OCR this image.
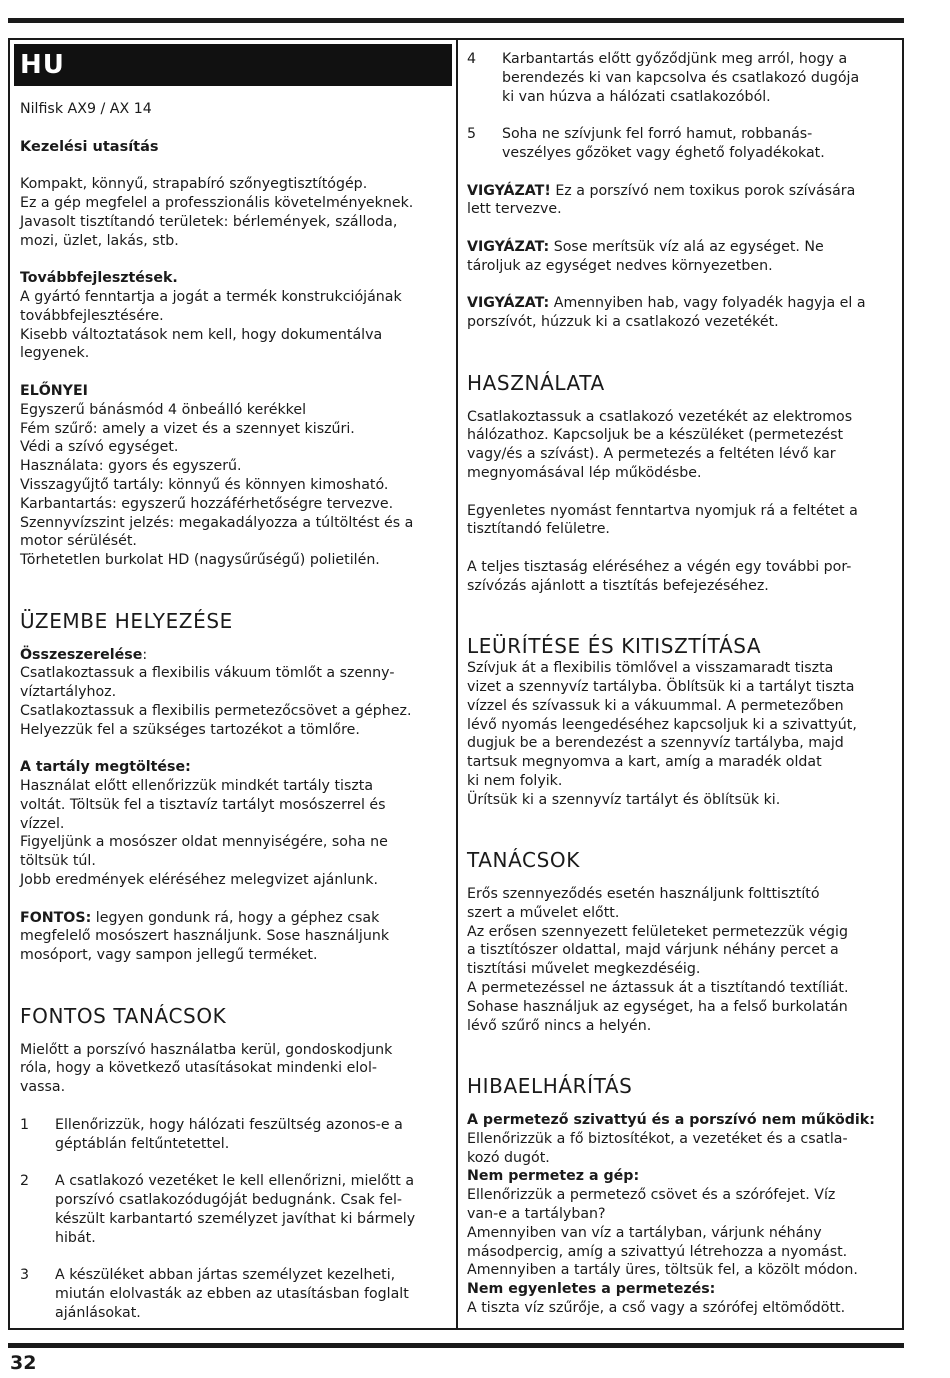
HU

Nilfisk AX9 / AX 14

Kezelési utasítás

Kompakt, könnyű, strapabíró szőnyegtisztítógép.

Ez a gép megfelel a professzionális követelményeknek.

Javasolt tisztítandó területek: bérlemények, szálloda,

mozi, üzlet, lakás, stb.

Továbbfejlesztések.

A gyártó fenntartja a jogát a termék konstrukciójának

továbbfejlesztésére.

Kisebb változtatások nem kell, hogy dokumentálva

legyenek.

ELŐNYEI

Egyszerű bánásmód 4 önbeálló kerékkel

Fém szűrő: amely a vizet és a szennyet kiszűri.

Védi a szívó egységet.

Használata: gyors és egyszerű.

Visszagyűjtő tartály: könnyű és könnyen kimosható.

Karbantartás: egyszerű hozzáférhetőségre tervezve.

Szennyvízszint jelzés: megakadályozza a túltöltést és a

motor sérülését.

Törhetetlen burkolat HD (nagysűrűségű) polietilén.

ÜZEMBE HELYEZÉSE

Összeszerelése:

Csatlakoztassuk a flexibilis vákuum tömlőt a szenny-

víztartályhoz.

Csatlakoztassuk a flexibilis permetezőcsövet a géphez.

Helyezzük fel a szükséges tartozékot a tömlőre.

A tartály megtöltése:

Használat előtt ellenőrizzük mindkét tartály tiszta

voltát. Töltsük fel a tisztavíz tartályt mosószerrel és

vízzel.

Figyeljünk a mosószer oldat mennyiségére, soha ne

töltsük túl.

Jobb eredmények eléréséhez melegvizet ajánlunk.

FONTOS: legyen gondunk rá, hogy a géphez csak

megfelelő mosószert használjunk. Sose használjunk

mosóport, vagy sampon jellegű terméket.

FONTOS TANÁCSOK

Mielőtt a porszívó használatba kerül, gondoskodjunk

róla, hogy a következő utasításokat mindenki elol-

vassa.

1	Ellenőrizzük, hogy hálózati feszültség azonos-e a

géptáblán feltűntetettel.

2	A csatlakozó vezetéket le kell ellenőrizni, mielőtt a

porszívó csatlakozódugóját bedugnánk. Csak fel-

készült karbantartó személyzet javíthat ki bármely

hibát.

3	A készüléket abban jártas személyzet kezelheti,

miután elolvasták az ebben az utasításban foglalt

ajánlásokat.

4	Karbantartás előtt győződjünk meg arról, hogy a

berendezés ki van kapcsolva és csatlakozó dugója

ki van húzva a hálózati csatlakozóból.

5	Soha ne szívjunk fel forró hamut, robbanás-

veszélyes gőzöket vagy éghető folyadékokat.

VIGYÁZAT! Ez a porszívó nem toxikus porok szívására

lett tervezve.

VIGYÁZAT: Sose merítsük víz alá az egységet. Ne

tároljuk az egységet nedves környezetben.

VIGYÁZAT: Amennyiben hab, vagy folyadék hagyja el a

porszívót, húzzuk ki a csatlakozó vezetékét.

HASZNÁLATA

Csatlakoztassuk a csatlakozó vezetékét az elektromos

hálózathoz. Kapcsoljuk be a készüléket (permetezést

vagy/és a szívást). A permetezés a feltéten lévő kar

megnyomásával lép működésbe.

Egyenletes nyomást fenntartva nyomjuk rá a feltétet a

tisztítandó felületre.

A teljes tisztaság eléréséhez a végén egy további por-

szívózás ajánlott a tisztítás befejezéséhez.

LEÜRÍTÉSE ÉS KITISZTÍTÁSA

Szívjuk át a flexibilis tömlővel a visszamaradt tiszta

vizet a szennyvíz tartályba. Öblítsük ki a tartályt tiszta

vízzel és szívassuk ki a vákuummal. A permetezőben

lévő nyomás leengedéséhez kapcsoljuk ki a szivattyút,

dugjuk be a berendezést a szennyvíz tartályba, majd

tartsuk megnyomva a kart, amíg a maradék oldat

ki nem folyik.

Ürítsük ki a szennyvíz tartályt és öblítsük ki.

TANÁCSOK

Erős szennyeződés esetén használjunk folttisztító

szert a művelet előtt.

Az erősen szennyezett felületeket permetezzük végig

a tisztítószer oldattal, majd várjunk néhány percet a

tisztítási művelet megkezdéséig.

A permetezéssel ne áztassuk át a tisztítandó textíliát.

Sohase használjuk az egységet, ha a felső burkolatán

lévő szűrő nincs a helyén.

HIBAELHÁRÍTÁS

A permetező szivattyú és a porszívó nem működik:

Ellenőrizzük a fő biztosítékot, a vezetéket és a csatla-

kozó dugót.

Nem permetez a gép:

Ellenőrizzük a permetező csövet és a szórófejet. Víz

van-e a tartályban?

Amennyiben van víz a tartályban, várjunk néhány

másodpercig, amíg a szivattyú létrehozza a nyomást.

Amennyiben a tartály üres, töltsük fel, a közölt módon.

Nem egyenletes a permetezés:

A tiszta víz szűrője, a cső vagy a szórófej eltömődött.

32
